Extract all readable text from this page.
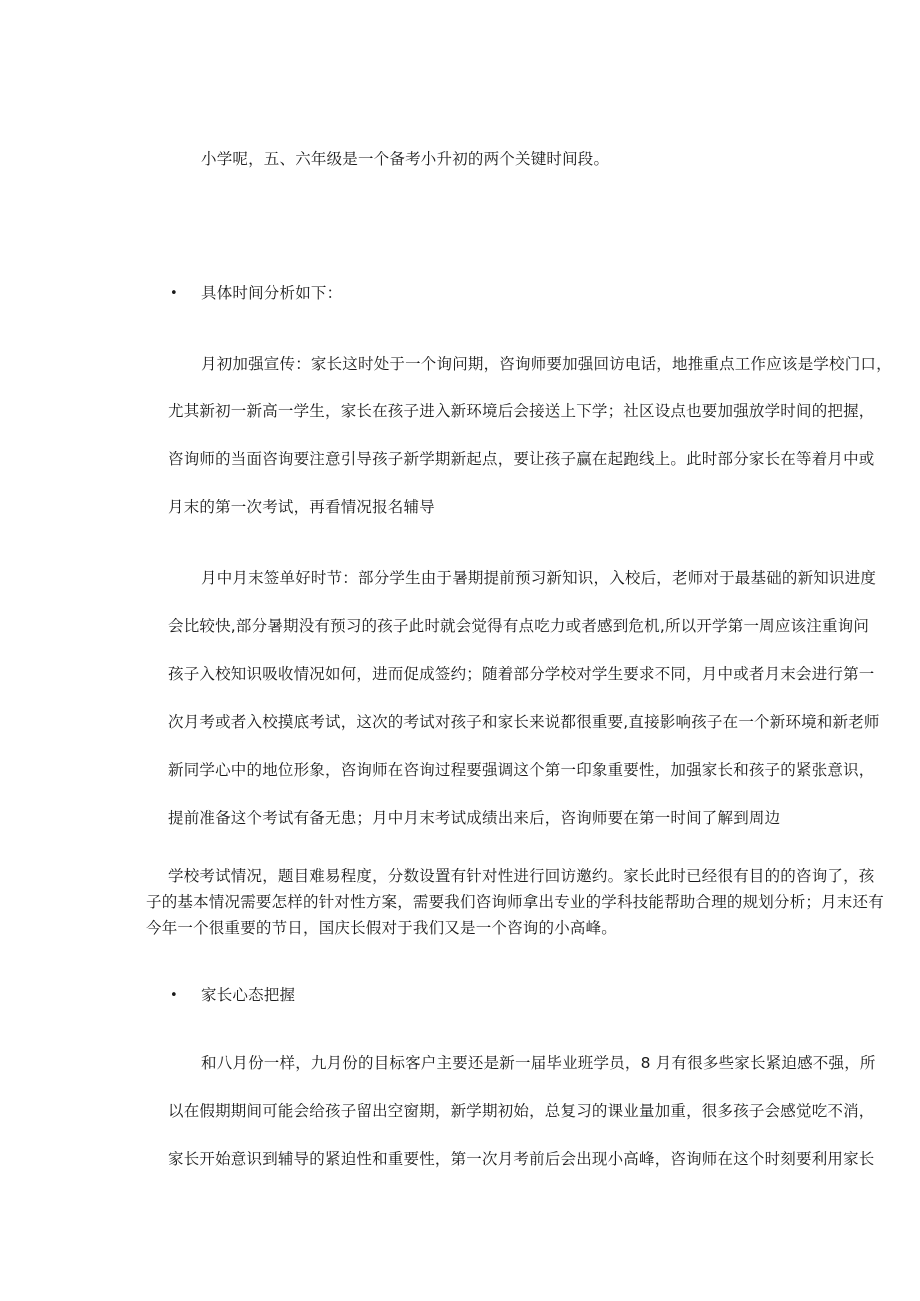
小学呢，五、六年级是一个备考小升初的两个关键时间段。
• 具体时间分析如下：
月初加强宣传：家长这时处于一个询问期，咨询师要加强回访电话，地推重点工作应该是学校门口，
尤其新初一新高一学生，家长在孩子进入新环境后会接送上下学；社区设点也要加强放学时间的把握，
咨询师的当面咨询要注意引导孩子新学期新起点，要让孩子赢在起跑线上。此时部分家长在等着月中或
月末的第一次考试，再看情况报名辅导
月中月末签单好时节：部分学生由于暑期提前预习新知识，入校后，老师对于最基础的新知识进度
会比较快,部分暑期没有预习的孩子此时就会觉得有点吃力或者感到危机,所以开学第一周应该注重询问
孩子入校知识吸收情况如何，进而促成签约；随着部分学校对学生要求不同，月中或者月末会进行第一
次月考或者入校摸底考试，这次的考试对孩子和家长来说都很重要,直接影响孩子在一个新环境和新老师
新同学心中的地位形象，咨询师在咨询过程要强调这个第一印象重要性，加强家长和孩子的紧张意识，
提前准备这个考试有备无患；月中月末考试成绩出来后，咨询师要在第一时间了解到周边
学校考试情况，题目难易程度，分数设置有针对性进行回访邀约。家长此时已经很有目的的咨询了，孩
子的基本情况需要怎样的针对性方案，需要我们咨询师拿出专业的学科技能帮助合理的规划分析；月末还有
今年一个很重要的节日，国庆长假对于我们又是一个咨询的小高峰。
• 家长心态把握
和八月份一样，九月份的目标客户主要还是新一届毕业班学员，8 月有很多些家长紧迫感不强，所
以在假期期间可能会给孩子留出空窗期，新学期初始，总复习的课业量加重，很多孩子会感觉吃不消，
家长开始意识到辅导的紧迫性和重要性，第一次月考前后会出现小高峰，咨询师在这个时刻要利用家长
